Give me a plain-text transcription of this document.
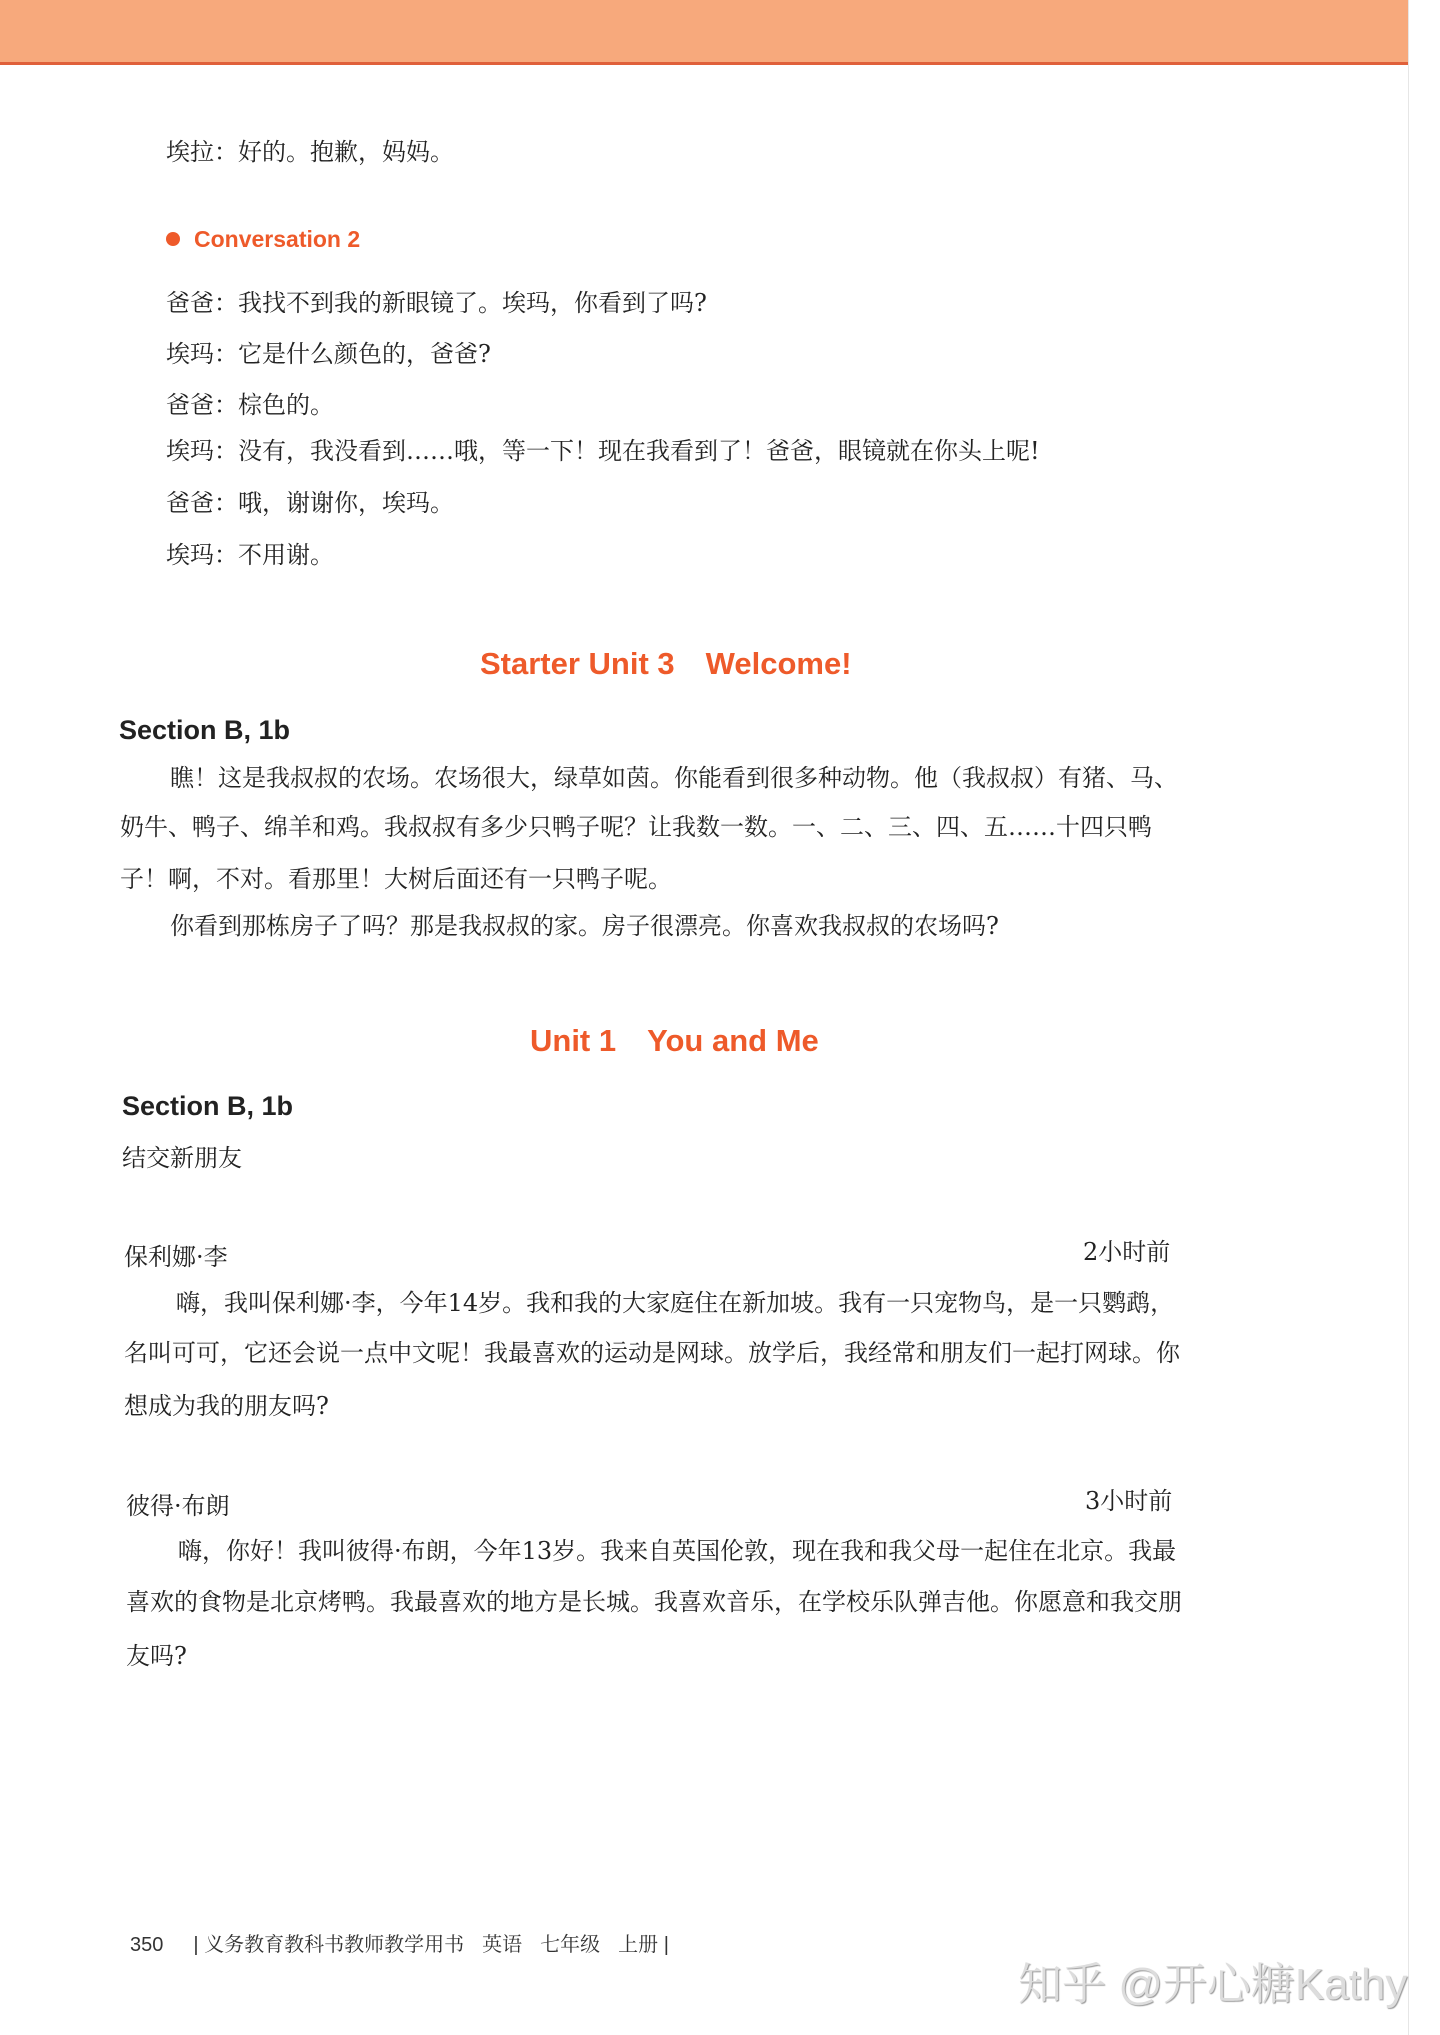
埃拉：好的。抱歉，妈妈。
Conversation 2
爸爸：我找不到我的新眼镜了。埃玛，你看到了吗?
埃玛：它是什么颜色的，爸爸?
爸爸：棕色的。
埃玛：没有，我没看到……哦，等一下！现在我看到了！爸爸，眼镜就在你头上呢!
爸爸：哦，谢谢你，埃玛。
埃玛：不用谢。
Starter Unit 3　Welcome!
Section B, 1b
瞧！这是我叔叔的农场。农场很大，绿草如茵。你能看到很多种动物。他（我叔叔）有猪、马、
奶牛、鸭子、绵羊和鸡。我叔叔有多少只鸭子呢？让我数一数。一、二、三、四、五……十四只鸭
子！啊，不对。看那里！大树后面还有一只鸭子呢。
你看到那栋房子了吗？那是我叔叔的家。房子很漂亮。你喜欢我叔叔的农场吗?
Unit 1　You and Me
Section B, 1b
结交新朋友
保利娜·李	2小时前
嗨，我叫保利娜·李，今年14岁。我和我的大家庭住在新加坡。我有一只宠物鸟，是一只鹦鹉，
名叫可可，它还会说一点中文呢！我最喜欢的运动是网球。放学后，我经常和朋友们一起打网球。你
想成为我的朋友吗?
彼得·布朗	3小时前
嗨，你好！我叫彼得·布朗，今年13岁。我来自英国伦敦，现在我和我父母一起住在北京。我最
喜欢的食物是北京烤鸭。我最喜欢的地方是长城。我喜欢音乐，在学校乐队弹吉他。你愿意和我交朋
友吗?
350 | 义务教育教科书教师教学用书 英语 七年级 上册 |
知乎 @开心糖Kathy
